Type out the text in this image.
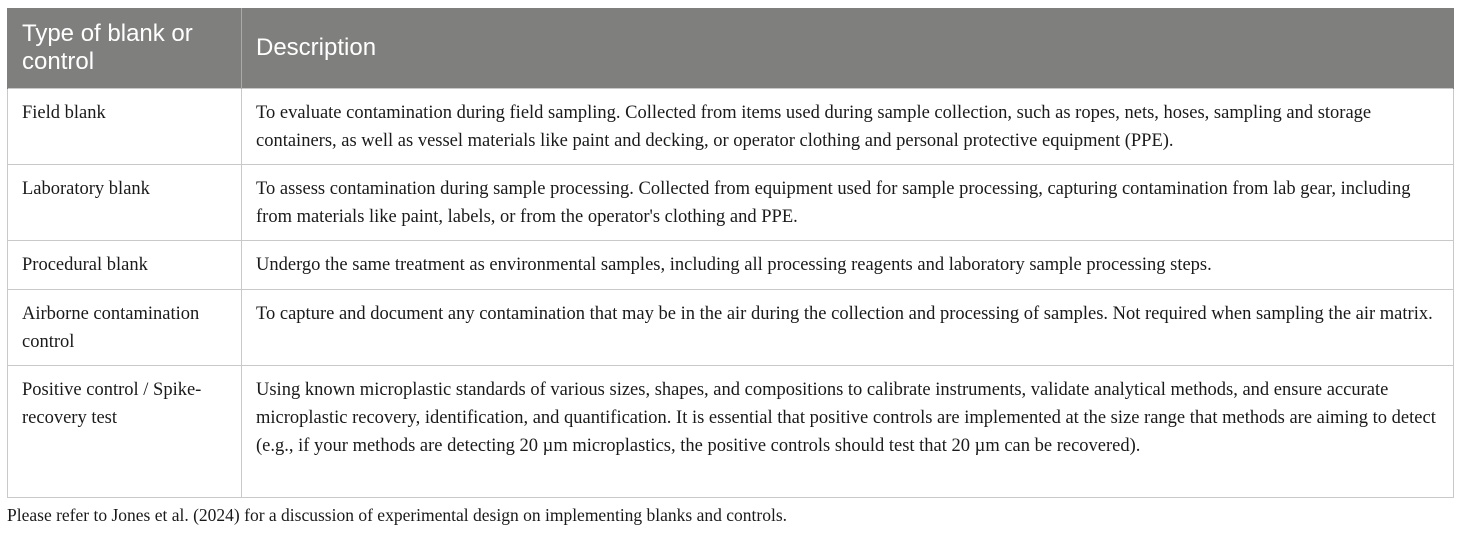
Type of blank or control	Description
Field blank	To evaluate contamination during field sampling. Collected from items used during sample collection, such as ropes, nets, hoses, sampling and storage containers, as well as vessel materials like paint and decking, or operator clothing and personal protective equipment (PPE).
Laboratory blank	To assess contamination during sample processing. Collected from equipment used for sample processing, capturing contamination from lab gear, including from materials like paint, labels, or from the operator's clothing and PPE.
Procedural blank	Undergo the same treatment as environmental samples, including all processing reagents and laboratory sample processing steps.
Airborne contamination control	To capture and document any contamination that may be in the air during the collection and processing of samples. Not required when sampling the air matrix.
Positive control / Spike-recovery test	Using known microplastic standards of various sizes, shapes, and compositions to calibrate instruments, validate analytical methods, and ensure accurate microplastic recovery, identification, and quantification. It is essential that positive controls are implemented at the size range that methods are aiming to detect (e.g., if your methods are detecting 20 µm microplastics, the positive controls should test that 20 µm can be recovered).
Please refer to Jones et al. (2024) for a discussion of experimental design on implementing blanks and controls.
